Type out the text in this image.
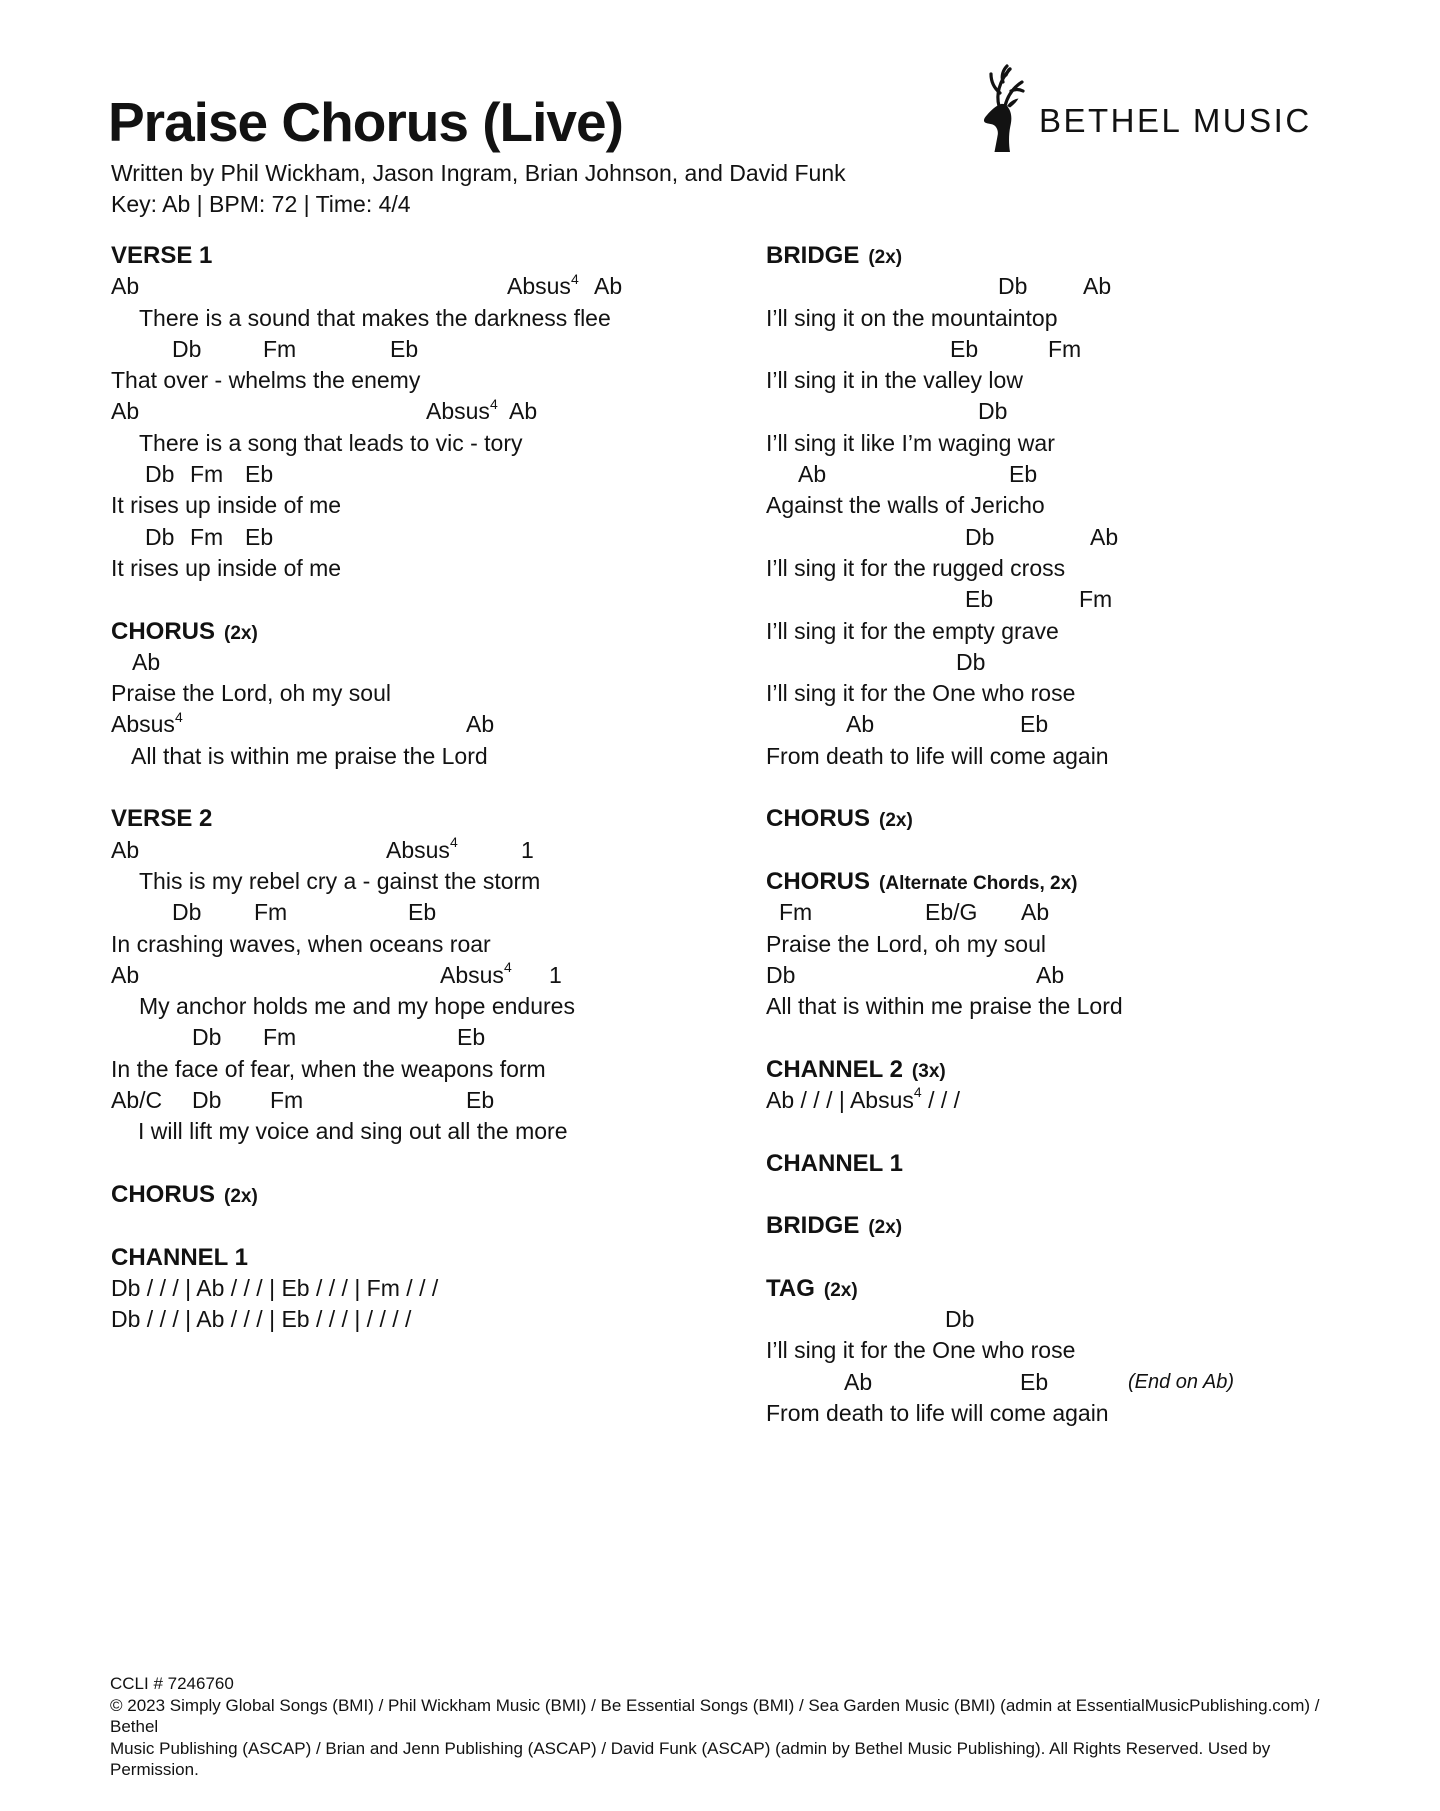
Praise Chorus (Live)
Written by Phil Wickham, Jason Ingram, Brian Johnson, and David Funk
Key: Ab | BPM: 72 | Time: 4/4
BETHEL MUSIC
VERSE 1
Ab	Absus$^4$ Ab
There is a sound that makes the darkness flee
Db	Fm	Eb
That over - whelms the enemy
Ab	Absus$^4$ Ab
There is a song that leads to vic - tory
Db Fm Eb
It rises up inside of me
Db Fm Eb
It rises up inside of me
CHORUS (2x)
Ab
Praise the Lord, oh my soul
Absus$^4$	Ab
All that is within me praise the Lord
VERSE 2
Ab	Absus$^4$	1
This is my rebel cry a - gainst the storm
Db Fm	Eb
In crashing waves, when oceans roar
Ab	Absus$^4$ 1
My anchor holds me and my hope endures
Db Fm	Eb
In the face of fear, when the weapons form
Ab/C Db Fm	Eb
I will lift my voice and sing out all the more
CHORUS (2x)
CHANNEL 1
Db / / / | Ab / / / | Eb / / / | Fm / / /
Db / / / | Ab / / / | Eb / / / | / / / /
BRIDGE (2x)
Db Ab
I’ll sing it on the mountaintop
Eb	Fm
I’ll sing it in the valley low
Db
I’ll sing it like I’m waging war
Ab	Eb
Against the walls of Jericho
Db	Ab
I’ll sing it for the rugged cross
Eb	Fm
I’ll sing it for the empty grave
Db
I’ll sing it for the One who rose
Ab	Eb
From death to life will come again
CHORUS (2x)
CHORUS (Alternate Chords, 2x)
Fm	Eb/G Ab
Praise the Lord, oh my soul
Db	Ab
All that is within me praise the Lord
CHANNEL 2 (3x)
Ab / / / | Absus$^4$ / / /
CHANNEL 1
BRIDGE (2x)
TAG (2x)
Db
I’ll sing it for the One who rose
Ab	Eb	(End on Ab)
From death to life will come again
CCLI # 7246760
© 2023 Simply Global Songs (BMI) / Phil Wickham Music (BMI) / Be Essential Songs (BMI) / Sea Garden Music (BMI) (admin at EssentialMusicPublishing.com) / Bethel
Music Publishing (ASCAP) / Brian and Jenn Publishing (ASCAP) / David Funk (ASCAP) (admin by Bethel Music Publishing). All Rights Reserved. Used by Permission.
